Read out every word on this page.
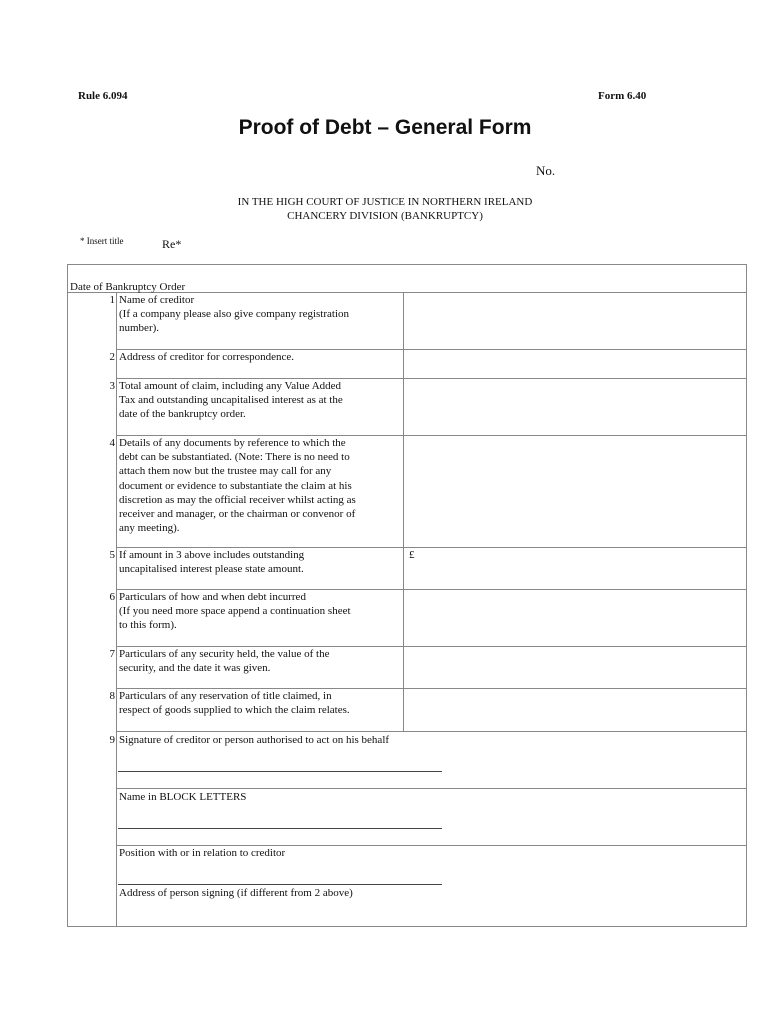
Rule 6.094	Form 6.40
Proof of Debt – General Form
No.
IN THE HIGH COURT OF JUSTICE IN NORTHERN IRELAND
CHANCERY DIVISION (BANKRUPTCY)
* Insert title	Re*
Date of Bankruptcy Order
1 Name of creditor
(If a company please also give company registration
number).
2 Address of creditor for correspondence.
3 Total amount of claim, including any Value Added
Tax and outstanding uncapitalised interest as at the
date of the bankruptcy order.
4 Details of any documents by reference to which the
debt can be substantiated. (Note: There is no need to
attach them now but the trustee may call for any
document or evidence to substantiate the claim at his
discretion as may the official receiver whilst acting as
receiver and manager, or the chairman or convenor of
any meeting).
5 If amount in 3 above includes outstanding
uncapitalised interest please state amount.
£
6 Particulars of how and when debt incurred
(If you need more space append a continuation sheet
to this form).
7 Particulars of any security held, the value of the
security, and the date it was given.
8 Particulars of any reservation of title claimed, in
respect of goods supplied to which the claim relates.
9 Signature of creditor or person authorised to act on his behalf
Name in BLOCK LETTERS
Position with or in relation to creditor
Address of person signing (if different from 2 above)
